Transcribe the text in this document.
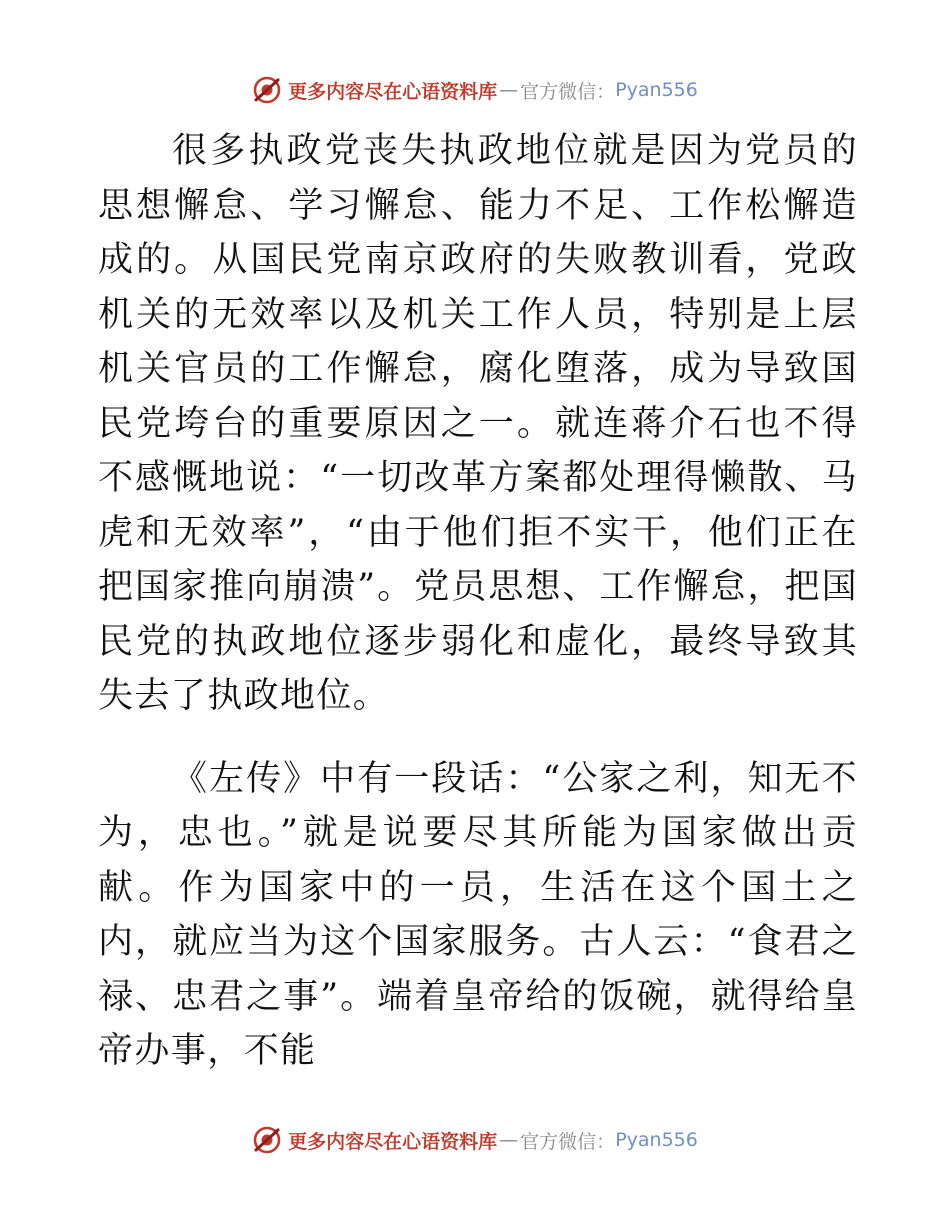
更多内容尽在心语资料库 — 官方微信： Pyan556

很多执政党丧失执政地位就是因为党员的思想懈怠、学习懈怠、能力不足、工作松懈造成的。从国民党南京政府的失败教训看，党政机关的无效率以及机关工作人员，特别是上层机关官员的工作懈怠，腐化堕落，成为导致国民党垮台的重要原因之一。就连蒋介石也不得不感慨地说：“一切改革方案都处理得懒散、马虎和无效率”，“由于他们拒不实干，他们正在把国家推向崩溃”。党员思想、工作懈怠，把国民党的执政地位逐步弱化和虚化，最终导致其失去了执政地位。

《左传》中有一段话：“公家之利，知无不为，忠也。”就是说要尽其所能为国家做出贡献。作为国家中的一员，生活在这个国土之内，就应当为这个国家服务。古人云：“食君之禄、忠君之事”。端着皇帝给的饭碗，就得给皇帝办事，不能

更多内容尽在心语资料库 — 官方微信： Pyan556
